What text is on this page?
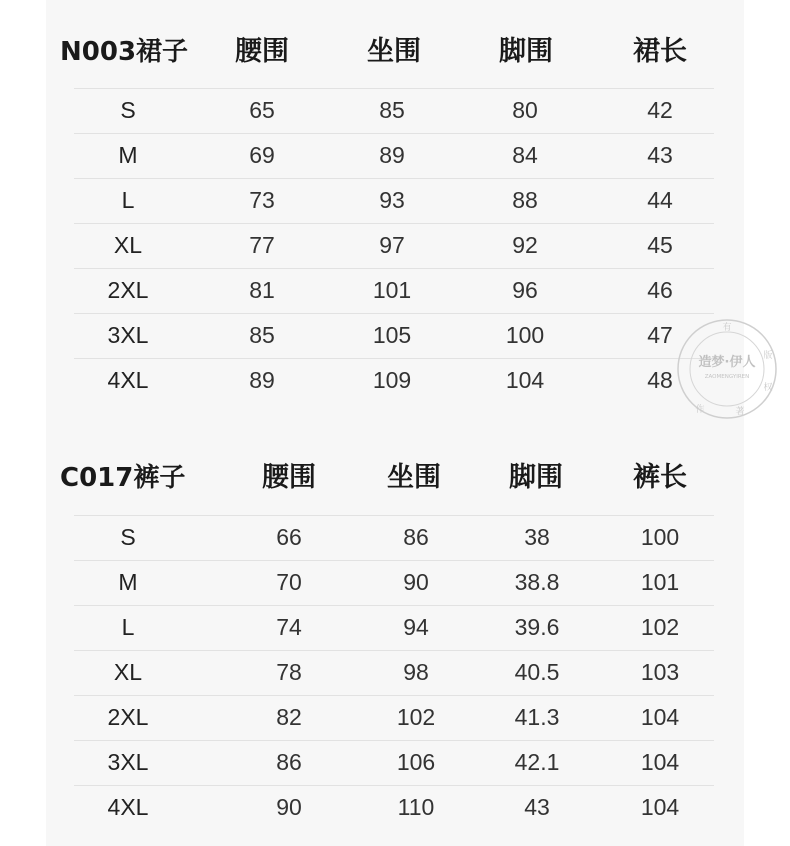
N003裙子 腰围	坐围	脚围	裙长
S	65	85	80	42
M	69	89	84	43
L	73	93	88	44
XL	77	97	92	45
2XL	81	101	96	46
3XL	85	105	100	47
4XL	89	109	104	48
C017裤子	腰围	坐围	脚围	裤长
S	66	86	38	100
M	70	90	38.8	101
L	74	94	39.6	102
XL	78	98	40.5	103
2XL	82	102	41.3	104
3XL	86	106	42.1	104
4XL	90	110	43	104
造梦·伊人
ZAOMENGYIREN
有
版
权
著
作
